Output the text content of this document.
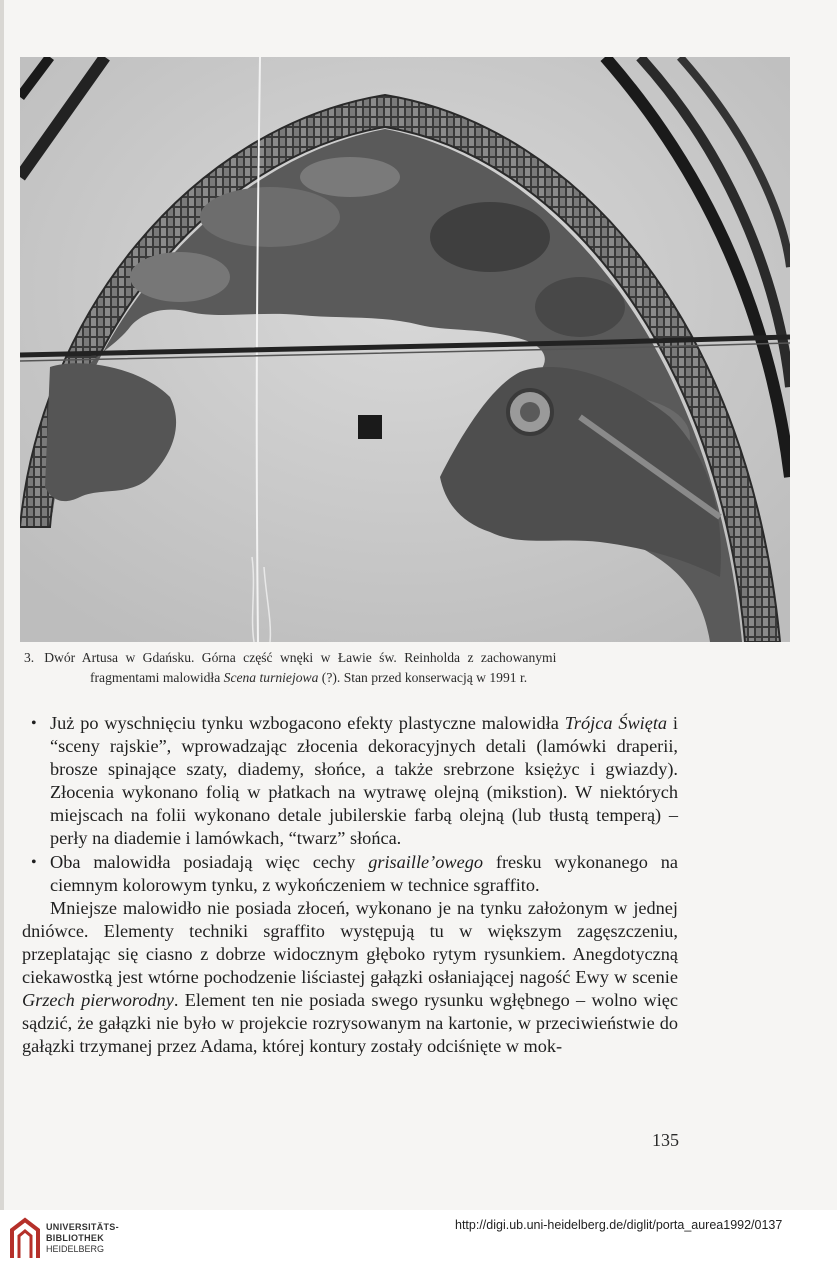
3. Dwór Artusa w Gdańsku. Górna część wnęki w Ławie św. Reinholda z zachowanymi
fragmentami malowidła Scena turniejowa (?). Stan przed konserwacją w 1991 r.

• Już po wyschnięciu tynku wzbogacono efekty plastyczne malowidła Trójca Święta i “sceny rajskie”, wprowadzając złocenia dekoracyjnych detali (lamówki draperii, brosze spinające szaty, diademy, słońce, a także srebrzone księżyc i gwiazdy). Złocenia wykonano folią w płatkach na wytrawę olejną (mikstion). W niektórych miejscach na folii wykonano detale jubilerskie farbą olejną (lub tłustą temperą) – perły na diademie i lamówkach, “twarz” słońca.

• Oba malowidła posiadają więc cechy grisaille’owego fresku wykonanego na ciemnym kolorowym tynku, z wykończeniem w technice sgraffito.

Mniejsze malowidło nie posiada złoceń, wykonano je na tynku założonym w jednej dniówce. Elementy techniki sgraffito występują tu w większym zagęszczeniu, przeplatając się ciasno z dobrze widocznym głęboko rytym rysunkiem. Anegdotyczną ciekawostką jest wtórne pochodzenie liściastej gałązki osłaniającej nagość Ewy w scenie Grzech pierworodny. Element ten nie posiada swego rysunku wgłębnego – wolno więc sądzić, że gałązki nie było w projekcie rozrysowanym na kartonie, w przeciwieństwie do gałązki trzymanej przez Adama, której kontury zostały odciśnięte w mok-

135
UNIVERSITÄTS-
BIBLIOTHEK
HEIDELBERG
http://digi.ub.uni-heidelberg.de/diglit/porta_aurea1992/0137
